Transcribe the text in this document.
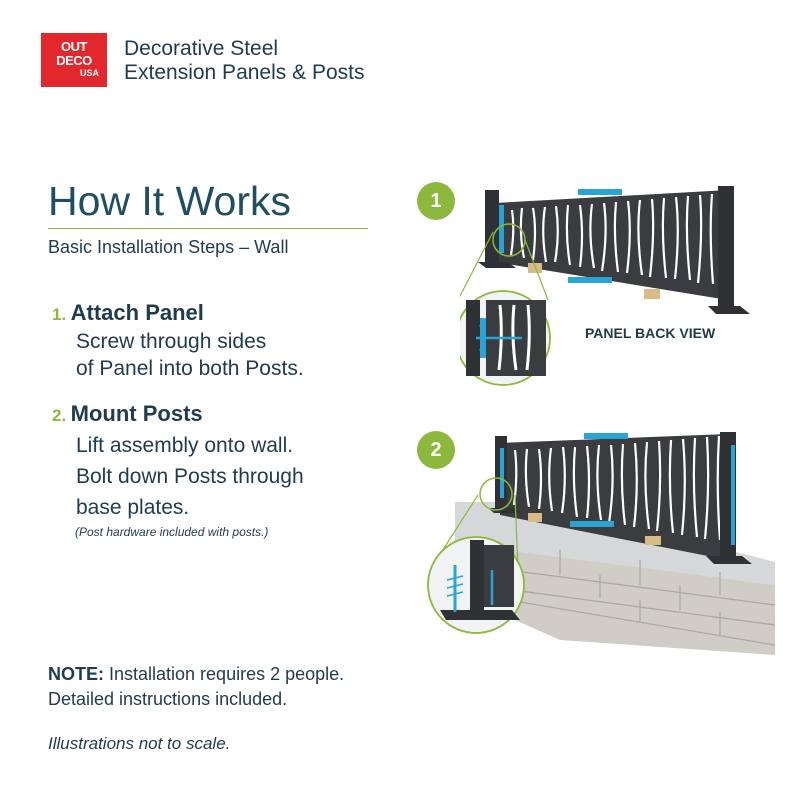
OUT
DECO
USA
Decorative Steel
Extension Panels & Posts
How It Works
Basic Installation Steps – Wall
1. Attach Panel
Screw through sides
of Panel into both Posts.
2. Mount Posts
Lift assembly onto wall.
Bolt down Posts through
base plates.
(Post hardware included with posts.)
NOTE: Installation requires 2 people.
Detailed instructions included.
Illustrations not to scale.
1
2
PANEL BACK VIEW
